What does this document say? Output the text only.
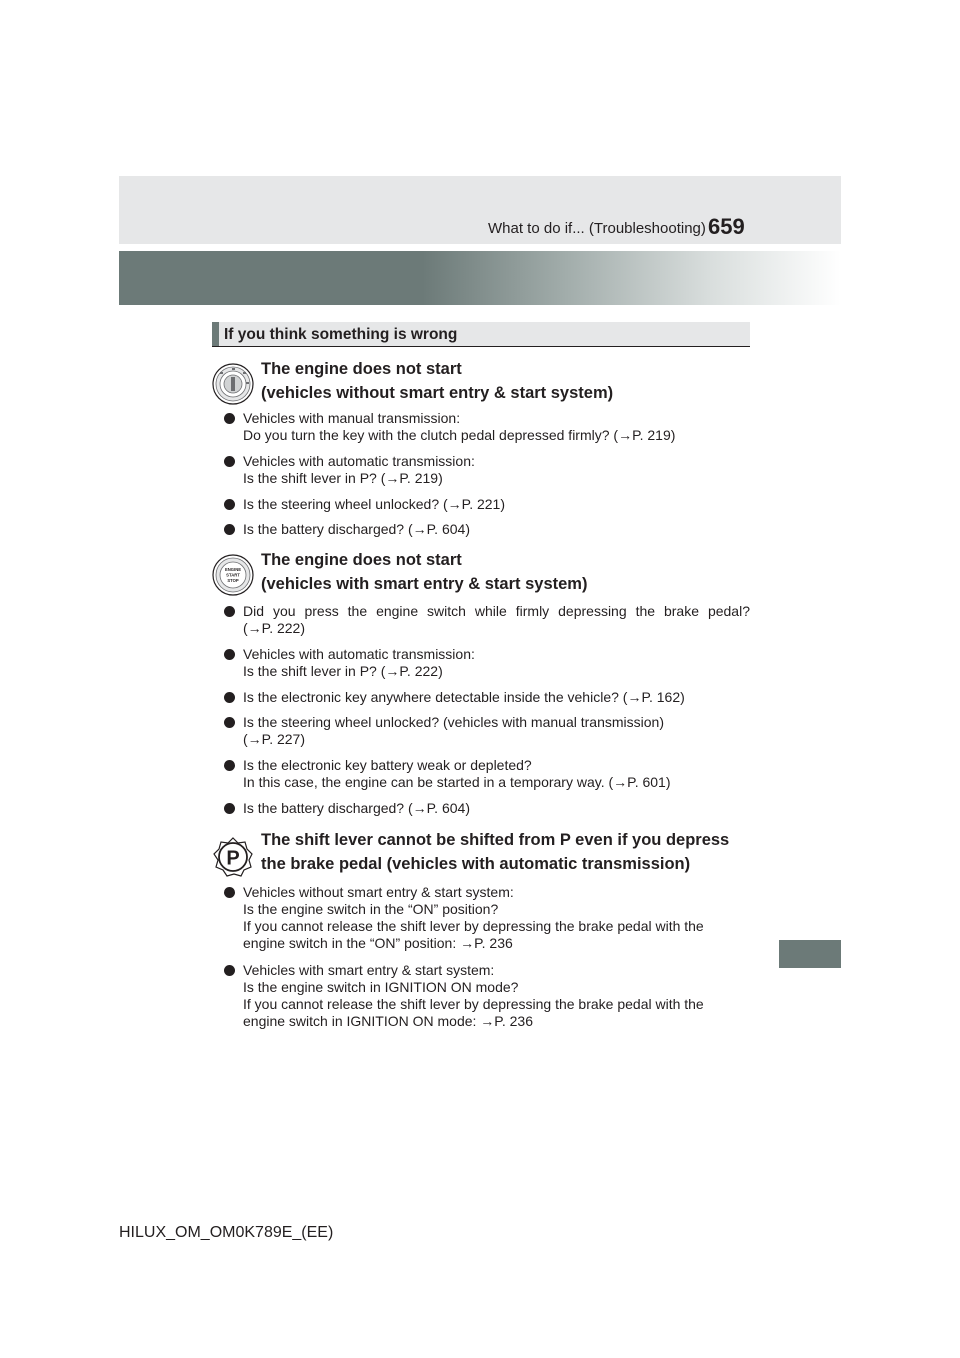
What to do if... (Troubleshooting) 659
If you think something is wrong
The engine does not start
(vehicles without smart entry & start system)
Vehicles with manual transmission:
Do you turn the key with the clutch pedal depressed firmly? (→P. 219)
Vehicles with automatic transmission:
Is the shift lever in P? (→P. 219)
Is the steering wheel unlocked? (→P. 221)
Is the battery discharged? (→P. 604)
ENGINE
START
STOP
The engine does not start
(vehicles with smart entry & start system)
Did you press the engine switch while firmly depressing the brake pedal?
(→P. 222)
Vehicles with automatic transmission:
Is the shift lever in P? (→P. 222)
Is the electronic key anywhere detectable inside the vehicle? (→P. 162)
Is the steering wheel unlocked? (vehicles with manual transmission)
(→P. 227)
Is the electronic key battery weak or depleted?
In this case, the engine can be started in a temporary way. (→P. 601)
Is the battery discharged? (→P. 604)
P
The shift lever cannot be shifted from P even if you depress
the brake pedal (vehicles with automatic transmission)
Vehicles without smart entry & start system:
Is the engine switch in the “ON” position?
If you cannot release the shift lever by depressing the brake pedal with the
engine switch in the “ON” position: →P. 236
Vehicles with smart entry & start system:
Is the engine switch in IGNITION ON mode?
If you cannot release the shift lever by depressing the brake pedal with the
engine switch in IGNITION ON mode: →P. 236
HILUX_OM_OM0K789E_(EE)
